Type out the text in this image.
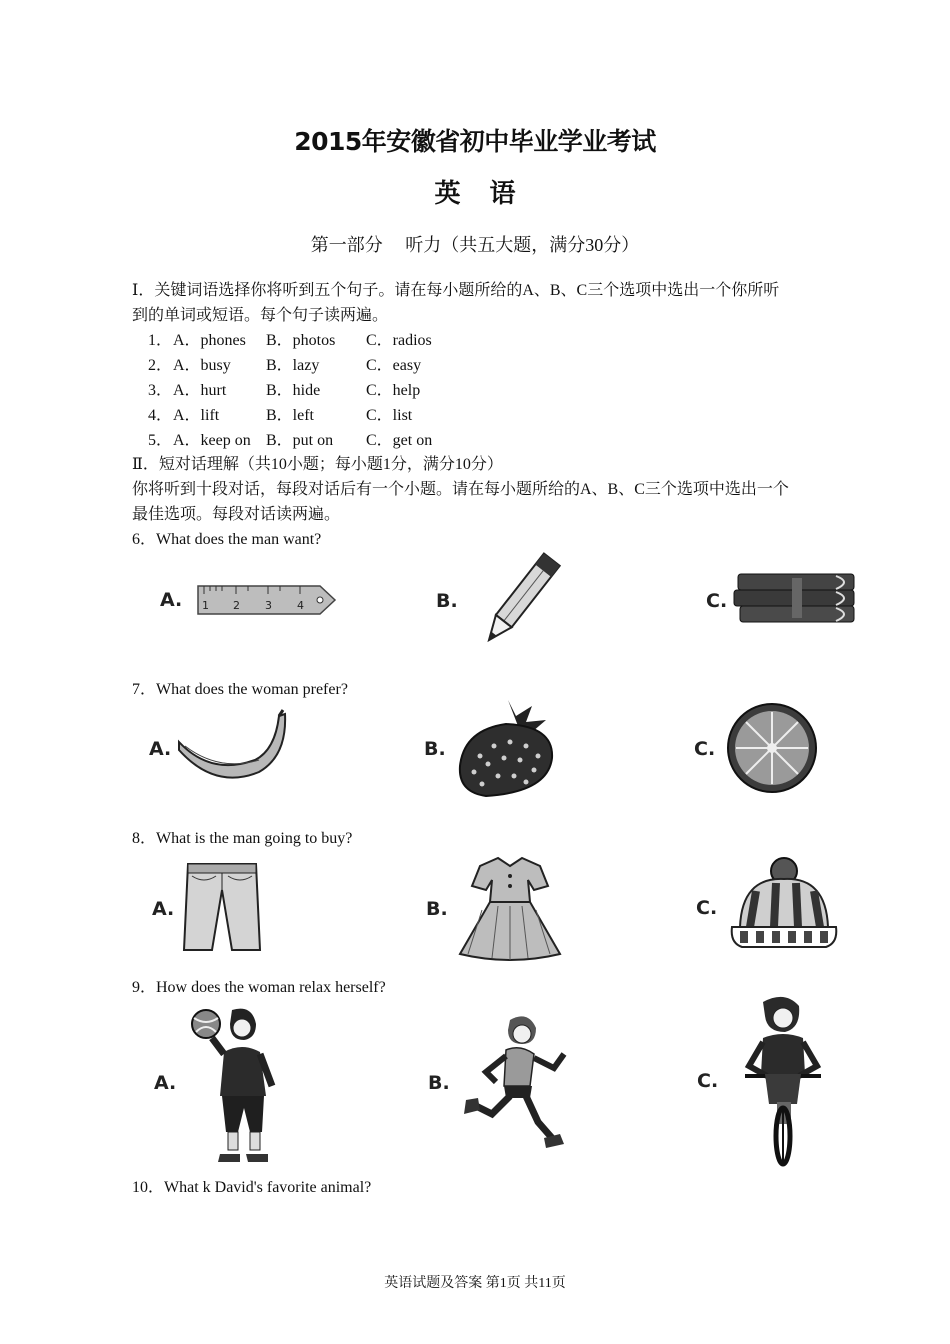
2015年安徽省初中毕业学业考试
英 语
第一部分　 听力（共五大题，满分30分）
Ⅰ．关键词语选择你将听到五个句子。请在每小题所给的A、B、C三个选项中选出一个你所听
到的单词或短语。每个句子读两遍。
1． A．phones B．photos C．radios
2． A．busy B．lazy	C．easy
3． A．hurt B．hide	C．help
4． A．lift	B．left	C．list
5． A．keep on B．put on C．get on
Ⅱ．短对话理解（共10小题；每小题1分，满分10分）
你将听到十段对话，每段对话后有一个小题。请在每小题所给的A、B、C三个选项中选出一个
最佳选项。每段对话读两遍。
6．What does the man want?
A. 1 2 3 4	B.	C.
7．What does the woman prefer?
A.	B.	C.
8．What is the man going to buy?
A.	B.	C.
9．How does the woman relax herself?
A.	B.	C.
10．What k David's favorite animal?
英语试题及答案 第1页 共11页
